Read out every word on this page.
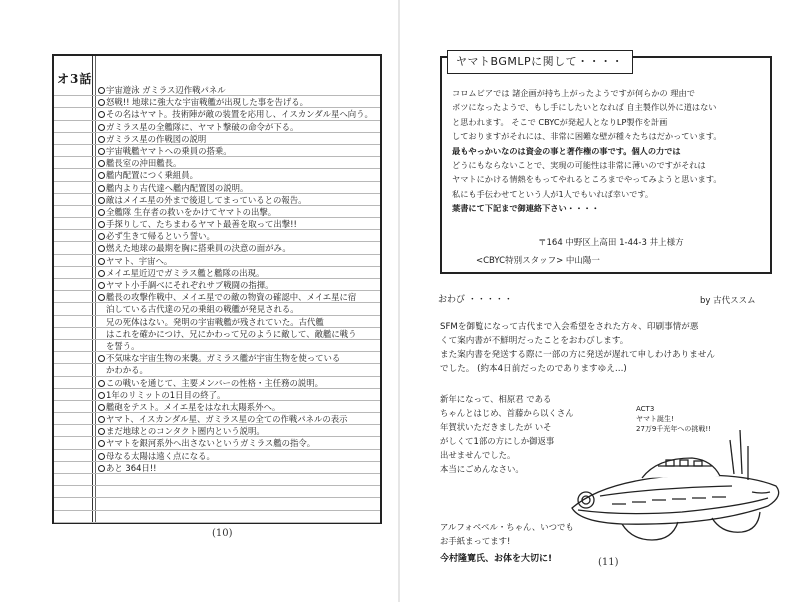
オ3話
宇宙遊泳 ガミラス辺作戦パネル
怒戦!! 地球に強大な宇宙戦艦が出現した事を告げる。
その名はヤマト。技術陣が敵の装置を応用し、イスカンダル星へ向う。
ガミラス星の全艦隊に、ヤマト撃破の命令が下る。
ガミラス星の作戦図の説明
宇宙戦艦ヤマトへの乗員の搭乗。
艦長室の沖田艦長。
艦内配置につく乗組員。
艦内より古代達へ艦内配置図の説明。
敵はメイエ星の外まで後退してまっているとの報告。
全艦隊 生存者の救いをかけてヤマトの出撃。
手探りして、たちまわるヤマト最善を取って出撃!!
必ず生きて帰るという誓い。
燃えた地球の最期を胸に搭乗員の決意の面がみ。
ヤマト、宇宙へ。
メイエ星近辺でガミラス艦と艦隊の出現。
ヤマト小手調べにそれぞれサブ戦闘の指揮。
艦長の攻撃作戦中、メイエ星での敵の物資の確認中、メイエ星に宿
泊している古代達の兄の乗組の戦艦が発見される。
兄の死体はない。発明の宇宙戦艦が残されていた。古代艦
はこれを確かにつけ、兄にかわって兄のように敵して、敵艦に戦う
を誓う。
不気味な宇宙生物の来襲。ガミラス艦が宇宙生物を使っている
かわかる。
この戦いを通じて、主要メンバーの性格・主任務の説明。
1年のリミットの1日目の終了。
艦砲をテスト。メイエ星をはなれ太陽系外へ。
ヤマト、イスカンダル星、ガミラス星の全ての作戦パネルの表示
まだ地球とのコンタクト圏内という説明。
ヤマトを銀河系外へ出さないというガミラス艦の指令。
母なる太陽は遠く点になる。
あと 364日!!
(10)
ヤマトBGMLPに関して・・・・
コロムビアでは 諸企画が持ち上がったようですが何らかの 理由で
ボツになったようで、もし手にしたいとなれば 自主製作以外に道はない
と思われます。 そこで CBYCが発起人となりLP製作を計画
しておりますがそれには、非常に困難な壁が種々たちはだかっています。
最もやっかいなのは資金の事と著作権の事です。個人の力では
どうにもならないことで、実現の可能性は非常に薄いのですがそれは
ヤマトにかける情熱をもってやれるところまでやってみようと思います。
私にも手伝わせてという人が1人でもいれば幸いです。
葉書にて下記まで御連絡下さい・・・・
〒164 中野区上高田 1-44-3 井上様方
<CBYC特別スタッフ> 中山陽一
おわび ・・・・・	by 古代ススム
SFMを御覧になって古代まで入会希望をされた方々、印刷事情が悪
くて案内書が不鮮明だったことをおわびします。
また案内書を発送する際に一部の方に発送が遅れて申しわけありません
でした。 (約本4日前だったのでありますゆえ…)
新年になって、相原君 である
ちゃんとはじめ、首藤から以くさん
年賀状いただきましたが いそ
がしくて1部の方にしか御返事
出せませんでした。
本当にごめんなさい。
アルフォベベル・ちゃん、いつでも
お手紙まってます!
今村隆寛氏、お体を大切に!
ACT3
ヤマト誕生!
27万9千光年への挑戦!!
(11)
